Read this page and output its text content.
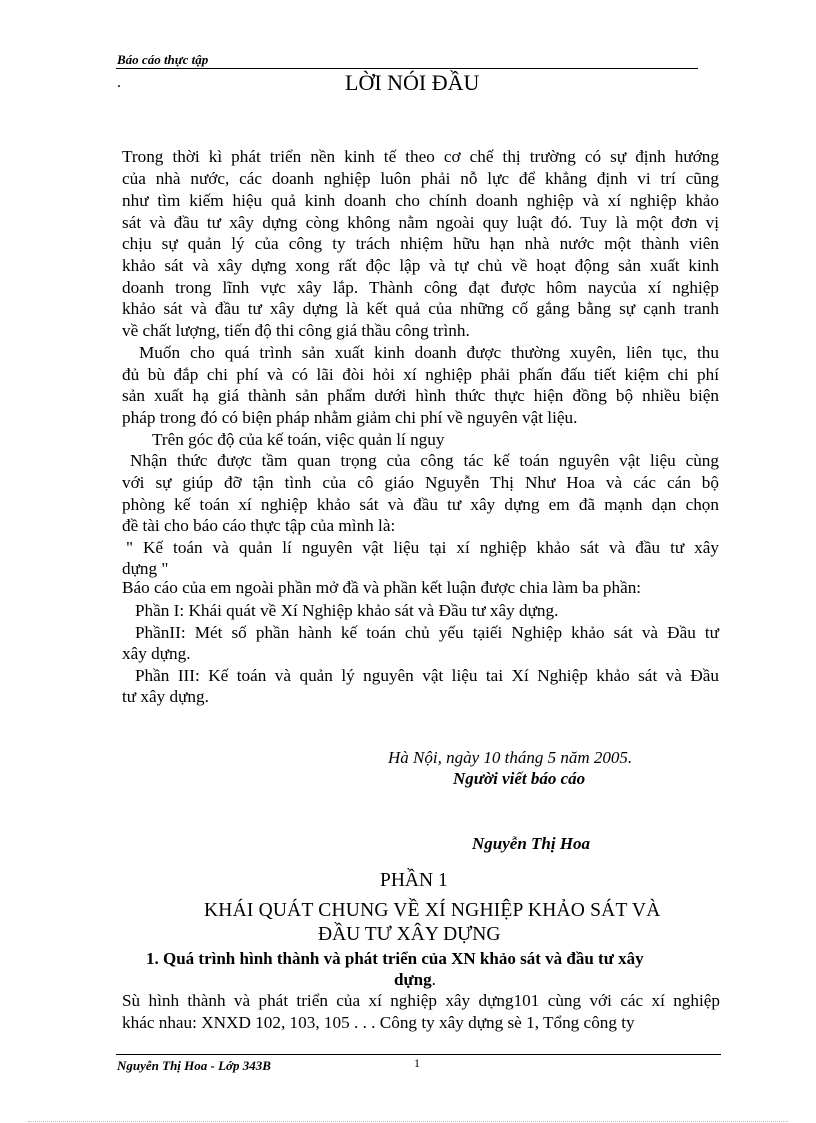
Báo cáo thực tập
.	LỜI NÓI ĐẦU
Trong thời kì phát triển nền kinh tế theo cơ chế thị trường có sự định hướng
của nhà nước, các doanh nghiệp luôn phải nỗ lực để khẳng định vi trí cũng
như tìm kiếm hiệu quả kinh doanh cho chính doanh nghiệp và xí nghiệp khảo
sát và đầu tư xây dựng còng không nằm ngoài quy luật đó. Tuy là một đơn vị
chịu sự quản lý của công ty trách nhiệm hữu hạn nhà nước một thành viên
khảo sát và xây dựng xong rất độc lập và tự chủ về hoạt động sản xuất kinh
doanh trong lĩnh vực xây lắp. Thành công đạt được hôm naycủa xí nghiệp
khảo sát và đầu tư xây dựng là kết quả của những cố gắng bằng sự cạnh tranh
về chất lượng, tiến độ thi công giá thầu công trình.
Muốn cho quá trình sản xuất kinh doanh được thường xuyên, liên tục, thu
đủ bù đắp chi phí và có lãi đòi hỏi xí nghiệp phải phấn đấu tiết kiệm chi phí
sản xuất hạ giá thành sản phẩm dưới hình thức thực hiện đồng bộ nhiều biện
pháp trong đó có biện pháp nhằm giảm chi phí về nguyên vật liệu.
Trên góc độ của kế toán, việc quản lí nguy
Nhận thức được tầm quan trọng của công tác kế toán nguyên vật liệu cùng
với sự giúp đỡ tận tình của cô giáo Nguyễn Thị Như Hoa và các cán bộ
phòng kế toán xí nghiệp khảo sát và đầu tư xây dựng em đã mạnh dạn chọn
đề tài cho báo cáo thực tập của mình là:
" Kế toán và quản lí nguyên vật liệu tại xí nghiệp khảo sát và đầu tư xây
dựng "
Báo cáo của em ngoài phần mở đầ và phần kết luận được chia làm ba phần:
Phần I: Khái quát về Xí Nghiệp khảo sát và Đầu tư xây dựng.
PhầnII: Mét số phần hành kế toán chủ yếu tạiếi Nghiệp khảo sát và Đầu tư
xây dựng.
Phần III: Kế toán và quản lý nguyên vật liệu tai Xí Nghiệp khảo sát và Đầu
tư xây dựng.
Hà Nội, ngày 10 tháng 5 năm 2005.
Người viết báo cáo
Nguyễn Thị Hoa
PHẦN 1
KHÁI QUÁT CHUNG VỀ XÍ NGHIỆP KHẢO SÁT VÀ
ĐẦU TƯ XÂY DỰNG
1. Quá trình hình thành và phát triển của XN khảo sát và đầu tư xây
dựng.
Sù hình thành và phát triển của xí nghiệp xây dựng101 cùng với các xí nghiệp
khác nhau: XNXD 102, 103, 105 . . . Công ty xây dựng sè 1, Tổng công ty
Nguyễn Thị Hoa - Lớp 343B	1
